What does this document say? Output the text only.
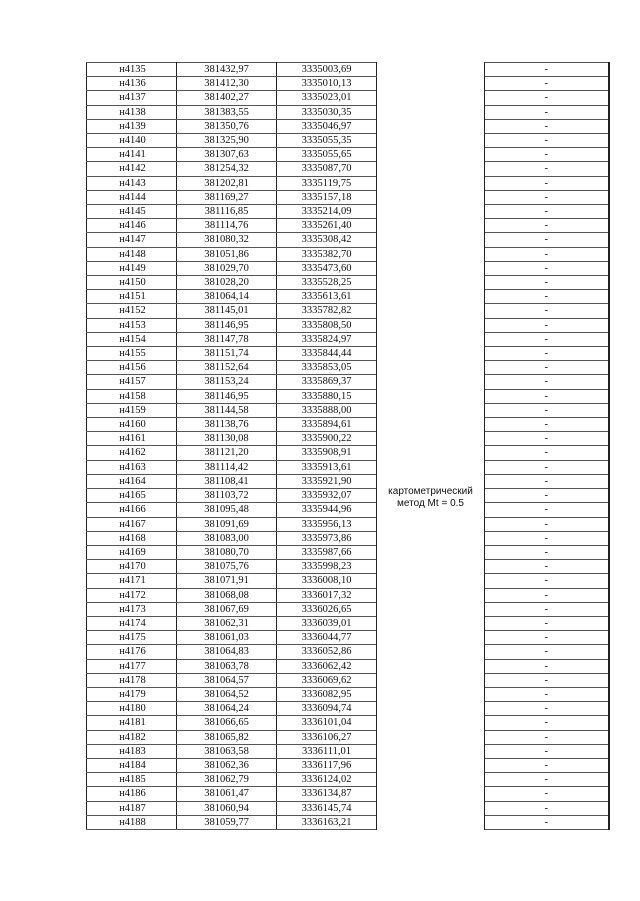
н4135	381432,97	3335003,69	картометрический
метод Mt = 0.5	-
н4136	381412,30	3335010,13		-
н4137	381402,27	3335023,01		-
н4138	381383,55	3335030,35		-
н4139	381350,76	3335046,97		-
н4140	381325,90	3335055,35		-
н4141	381307,63	3335055,65		-
н4142	381254,32	3335087,70		-
н4143	381202,81	3335119,75		-
н4144	381169,27	3335157,18		-
н4145	381116,85	3335214,09		-
н4146	381114,76	3335261,40		-
н4147	381080,32	3335308,42		-
н4148	381051,86	3335382,70		-
н4149	381029,70	3335473,60		-
н4150	381028,20	3335528,25		-
н4151	381064,14	3335613,61		-
н4152	381145,01	3335782,82		-
н4153	381146,95	3335808,50		-
н4154	381147,78	3335824,97		-
н4155	381151,74	3335844,44		-
н4156	381152,64	3335853,05		-
н4157	381153,24	3335869,37		-
н4158	381146,95	3335880,15		-
н4159	381144,58	3335888,00		-
н4160	381138,76	3335894,61		-
н4161	381130,08	3335900,22		-
н4162	381121,20	3335908,91		-
н4163	381114,42	3335913,61		-
н4164	381108,41	3335921,90		-
н4165	381103,72	3335932,07		-
н4166	381095,48	3335944,96		-
н4167	381091,69	3335956,13		-
н4168	381083,00	3335973,86		-
н4169	381080,70	3335987,66		-
н4170	381075,76	3335998,23		-
н4171	381071,91	3336008,10		-
н4172	381068,08	3336017,32		-
н4173	381067,69	3336026,65		-
н4174	381062,31	3336039,01		-
н4175	381061,03	3336044,77		-
н4176	381064,83	3336052,86		-
н4177	381063,78	3336062,42		-
н4178	381064,57	3336069,62		-
н4179	381064,52	3336082,95		-
н4180	381064,24	3336094,74		-
н4181	381066,65	3336101,04		-
н4182	381065,82	3336106,27		-
н4183	381063,58	3336111,01		-
н4184	381062,36	3336117,96		-
н4185	381062,79	3336124,02		-
н4186	381061,47	3336134,87		-
н4187	381060,94	3336145,74		-
н4188	381059,77	3336163,21		-
